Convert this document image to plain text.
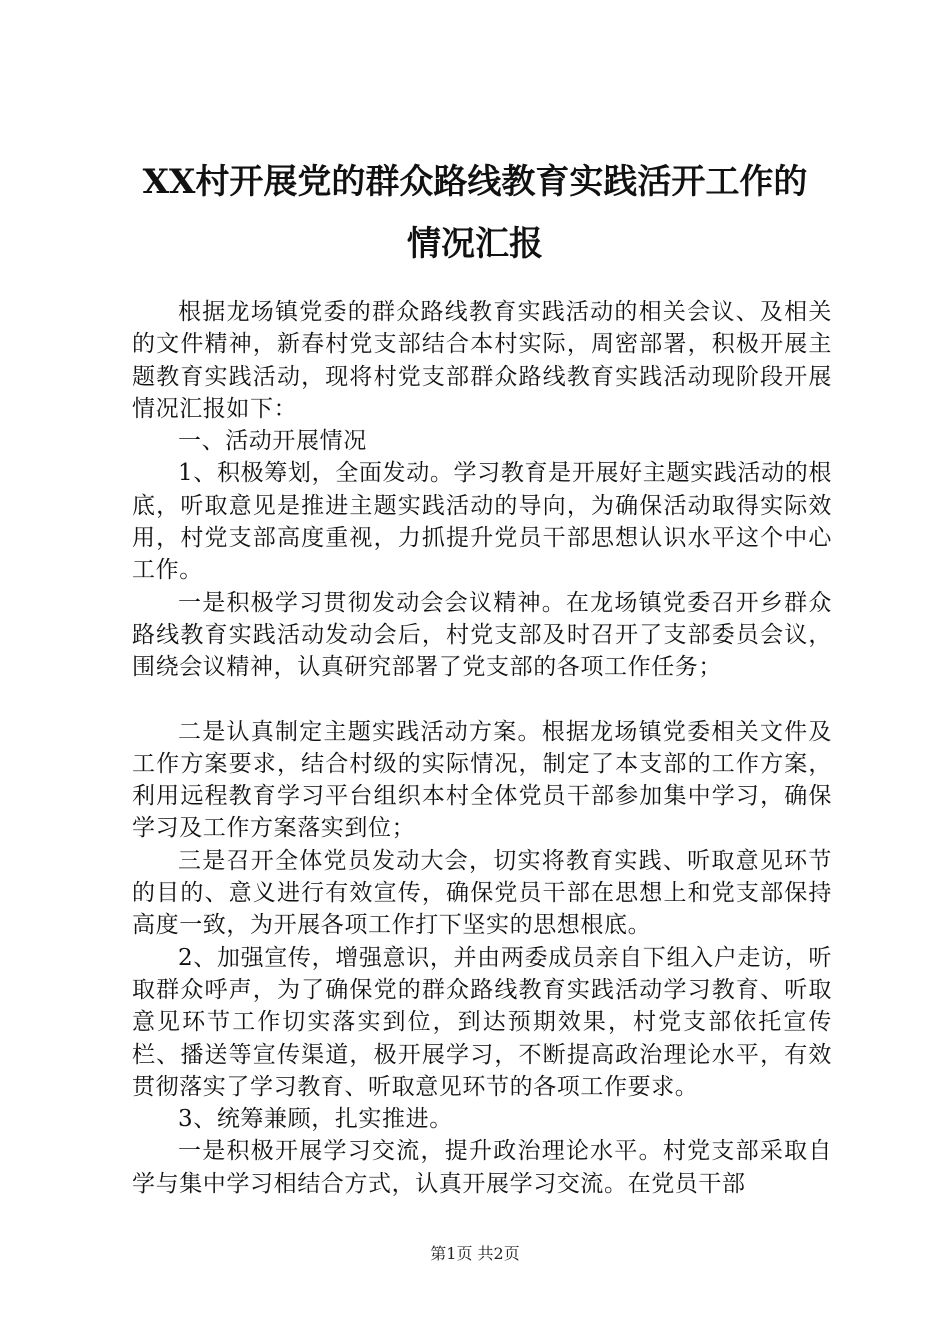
XX村开展党的群众路线教育实践活开工作的
情况汇报

根据龙场镇党委的群众路线教育实践活动的相关会议、及相关的文件精神，新春村党支部结合本村实际，周密部署，积极开展主题教育实践活动，现将村党支部群众路线教育实践活动现阶段开展情况汇报如下：

一、活动开展情况

1、积极筹划，全面发动。学习教育是开展好主题实践活动的根底，听取意见是推进主题实践活动的导向，为确保活动取得实际效用，村党支部高度重视，力抓提升党员干部思想认识水平这个中心工作。

一是积极学习贯彻发动会会议精神。在龙场镇党委召开乡群众路线教育实践活动发动会后，村党支部及时召开了支部委员会议，围绕会议精神，认真研究部署了党支部的各项工作任务；

二是认真制定主题实践活动方案。根据龙场镇党委相关文件及工作方案要求，结合村级的实际情况，制定了本支部的工作方案，利用远程教育学习平台组织本村全体党员干部参加集中学习，确保学习及工作方案落实到位；

三是召开全体党员发动大会，切实将教育实践、听取意见环节的目的、意义进行有效宣传，确保党员干部在思想上和党支部保持高度一致，为开展各项工作打下坚实的思想根底。

2、加强宣传，增强意识，并由两委成员亲自下组入户走访，听取群众呼声，为了确保党的群众路线教育实践活动学习教育、听取意见环节工作切实落实到位，到达预期效果，村党支部依托宣传栏、播送等宣传渠道，极开展学习，不断提高政治理论水平，有效贯彻落实了学习教育、听取意见环节的各项工作要求。

3、统筹兼顾，扎实推进。

一是积极开展学习交流，提升政治理论水平。村党支部采取自学与集中学习相结合方式，认真开展学习交流。在党员干部

第1页 共2页
